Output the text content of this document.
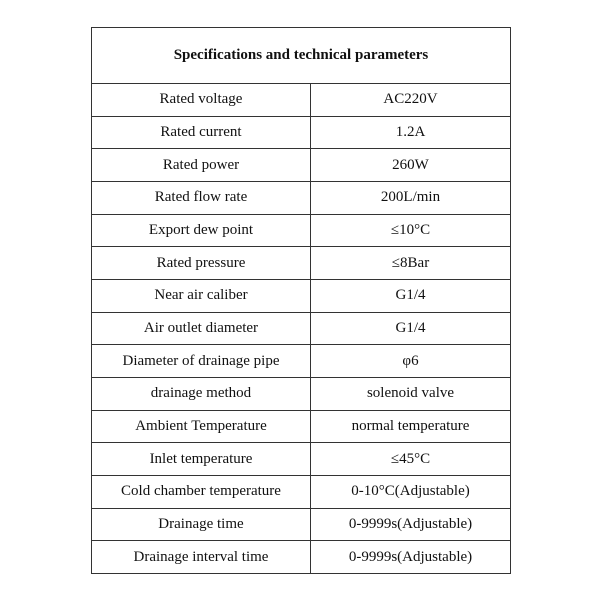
Specifications and technical parameters	
Rated voltage	AC220V
Rated current	1.2A
Rated power	260W
Rated flow rate	200L/min
Export dew point	≤10°C
Rated pressure	≤8Bar
Near air caliber	G1/4
Air outlet diameter	G1/4
Diameter of drainage pipe	φ6
drainage method	solenoid valve
Ambient Temperature	normal temperature
Inlet temperature	≤45°C
Cold chamber temperature	0-10°C(Adjustable)
Drainage time	0-9999s(Adjustable)
Drainage interval time	0-9999s(Adjustable)
